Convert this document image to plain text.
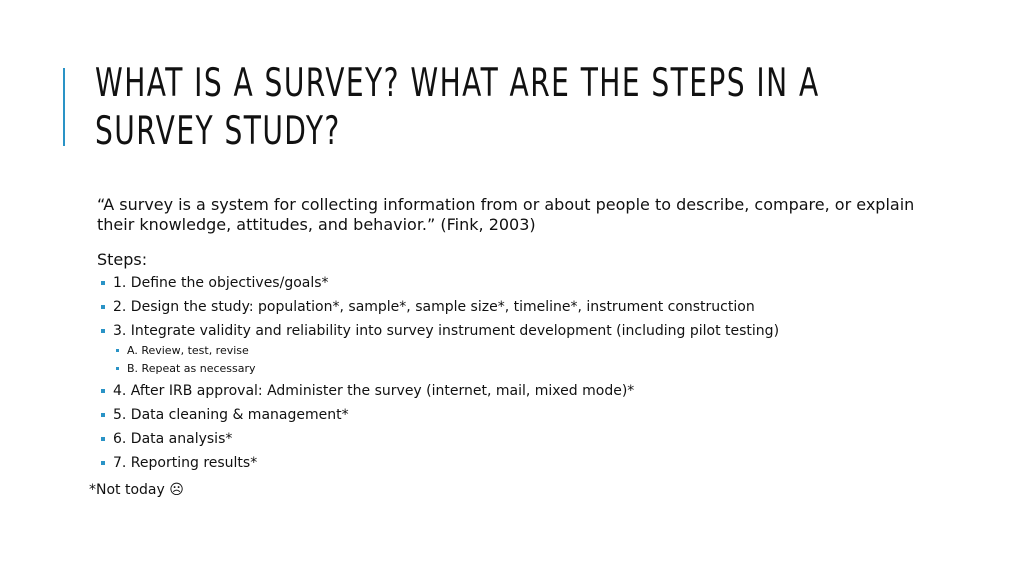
WHAT IS A SURVEY? WHAT ARE THE STEPS IN A
SURVEY STUDY?

“A survey is a system for collecting information from or about people to describe, compare, or explain their knowledge, attitudes, and behavior.” (Fink, 2003)

Steps:
1. Define the objectives/goals*
2. Design the study: population*, sample*, sample size*, timeline*, instrument construction
3. Integrate validity and reliability into survey instrument development (including pilot testing)
A. Review, test, revise
B. Repeat as necessary
4. After IRB approval: Administer the survey (internet, mail, mixed mode)*
5. Data cleaning & management*
6. Data analysis*
7. Reporting results*
*Not today ☹
